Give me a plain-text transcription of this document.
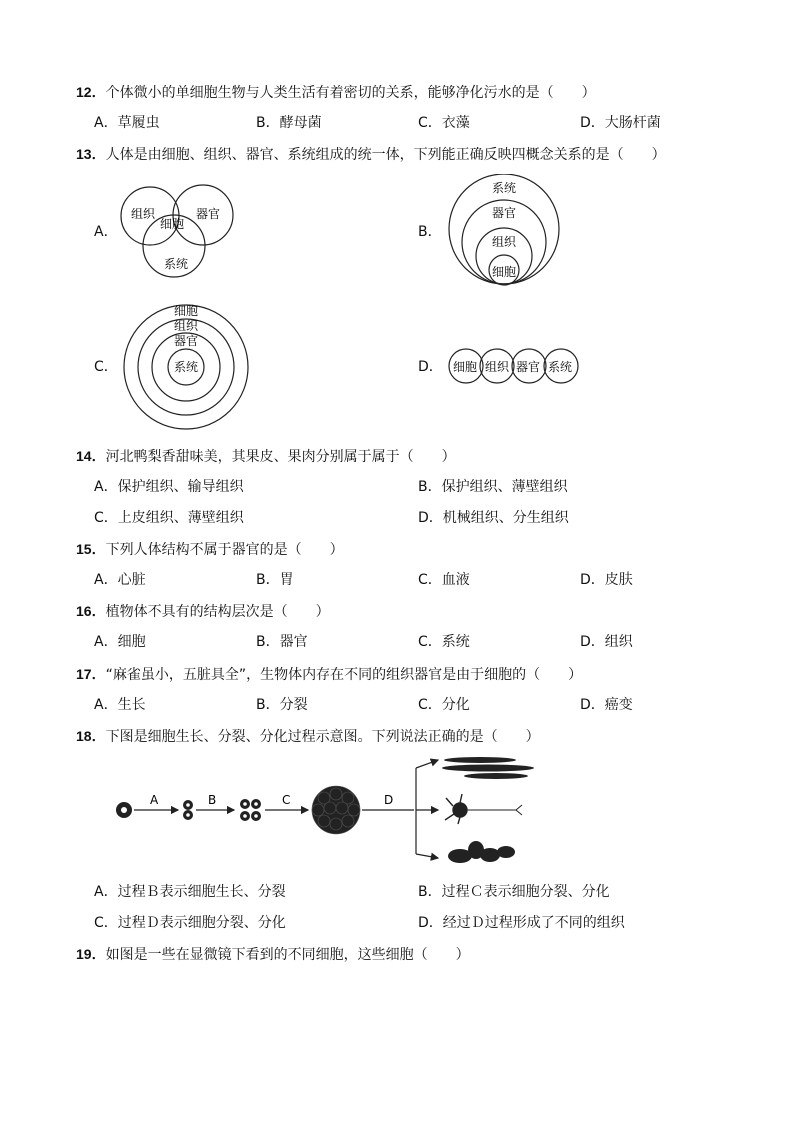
12．个体微小的单细胞生物与人类生活有着密切的关系，能够净化污水的是（　　）
A．草履虫	B．酵母菌	C．衣藻	D．大肠杆菌
13．人体是由细胞、组织、器官、系统组成的统一体，下列能正确反映四概念关系的是（　　）
A．
组织
细胞
器官
系统
B．
系统
器官
组织
细胞
C．
细胞
组织
器官
系统	D． 细胞 组织 器官 系统
14．河北鸭梨香甜味美，其果皮、果肉分别属于属于（　　）
A．保护组织、输导组织	B．保护组织、薄壁组织
C．上皮组织、薄壁组织	D．机械组织、分生组织
15．下列人体结构不属于器官的是（　　）
A．心脏	B．胃	C．血液	D．皮肤
16．植物体不具有的结构层次是（　　）
A．细胞	B．器官	C．系统	D．组织
17．“麻雀虽小，五脏具全”，生物体内存在不同的组织器官是由于细胞的（　　）
A．生长	B．分裂	C．分化	D．癌变
18．下图是细胞生长、分裂、分化过程示意图。下列说法正确的是（　　）
A	B	C	D
A．过程Ｂ表示细胞生长、分裂	B．过程Ｃ表示细胞分裂、分化
C．过程Ｄ表示细胞分裂、分化	D．经过Ｄ过程形成了不同的组织
19．如图是一些在显微镜下看到的不同细胞，这些细胞（　　）
